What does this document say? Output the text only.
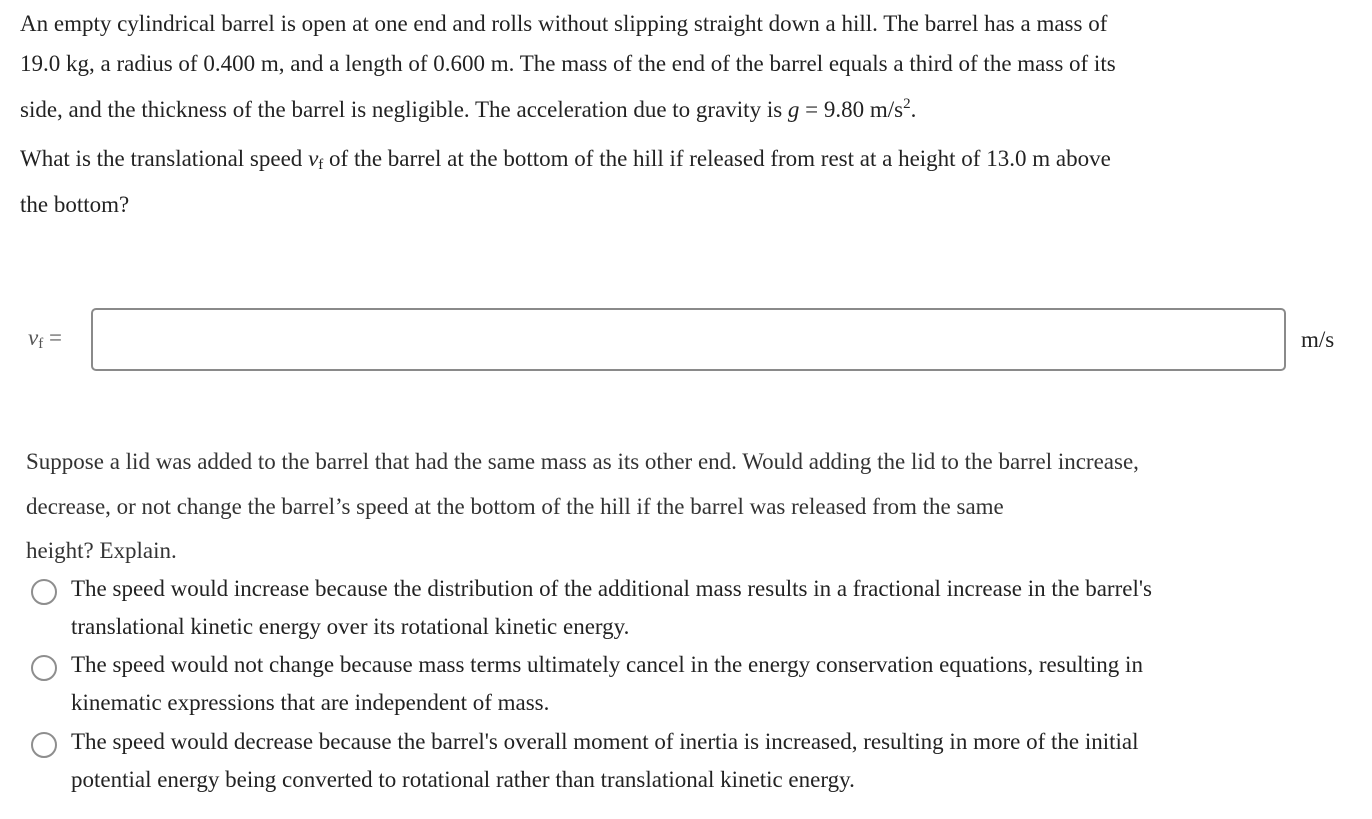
An empty cylindrical barrel is open at one end and rolls without slipping straight down a hill. The barrel has a mass of
19.0 kg, a radius of 0.400 m, and a length of 0.600 m. The mass of the end of the barrel equals a third of the mass of its
side, and the thickness of the barrel is negligible. The acceleration due to gravity is g = 9.80 $m/s^2$.

What is the translational speed $v_f$ of the barrel at the bottom of the hill if released from rest at a height of 13.0 m above
the bottom?

$v_f$ =	m/s

Suppose a lid was added to the barrel that had the same mass as its other end. Would adding the lid to the barrel increase,
decrease, or not change the barrel’s speed at the bottom of the hill if the barrel was released from the same
height? Explain.

The speed would increase because the distribution of the additional mass results in a fractional increase in the barrel's
translational kinetic energy over its rotational kinetic energy.

The speed would not change because mass terms ultimately cancel in the energy conservation equations, resulting in
kinematic expressions that are independent of mass.

The speed would decrease because the barrel's overall moment of inertia is increased, resulting in more of the initial
potential energy being converted to rotational rather than translational kinetic energy.
